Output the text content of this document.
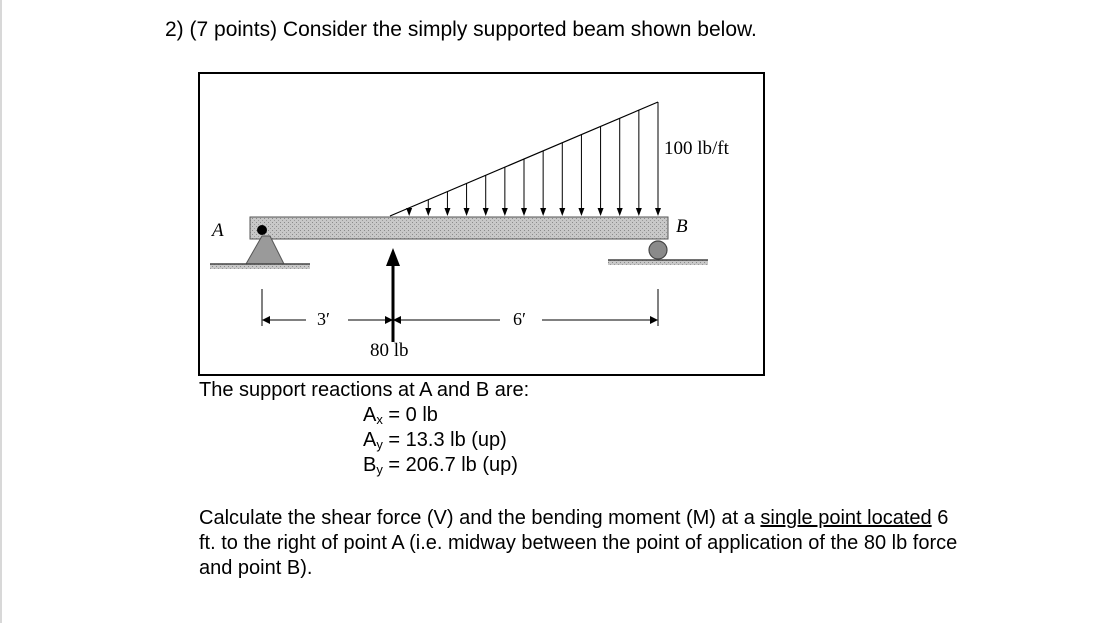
2) (7 points) Consider the simply supported beam shown below.
A	B
100 lb/ft
80 lb
3′	6′
The support reactions at A and B are:
$A_x = 0$ lb
$A_y = 13.3$ lb (up)
$B_y = 206.7$ lb (up)
Calculate the shear force (V) and the bending moment (M) at a single point located 6 ft. to the right of point A (i.e. midway between the point of application of the 80 lb force and point B).
